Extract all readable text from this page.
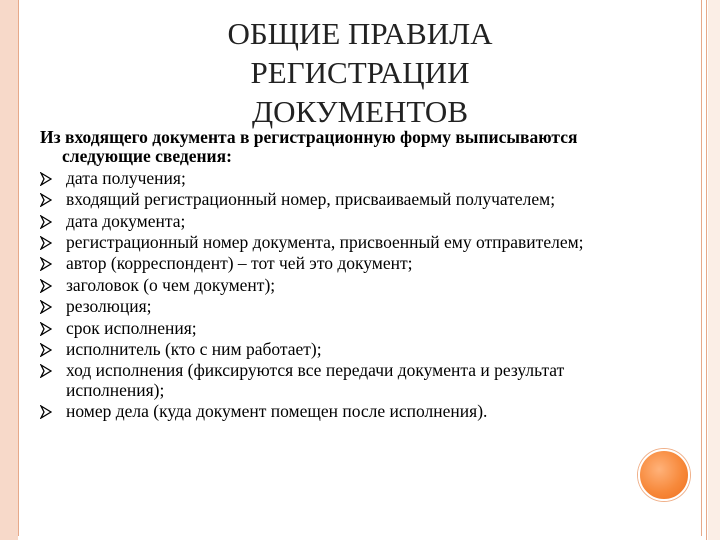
ОБЩИЕ ПРАВИЛА РЕГИСТРАЦИИ
ДОКУМЕНТОВ
Из входящего документа в регистрационную форму выписываются следующие сведения:
дата получения;
входящий регистрационный номер, присваиваемый получателем;
дата документа;
регистрационный номер документа, присвоенный ему отправителем;
автор (корреспондент) – тот чей это документ;
заголовок (о чем документ);
резолюция;
срок исполнения;
исполнитель (кто с ним работает);
ход исполнения (фиксируются все передачи документа и результат исполнения);
номер дела (куда документ помещен после исполнения).
